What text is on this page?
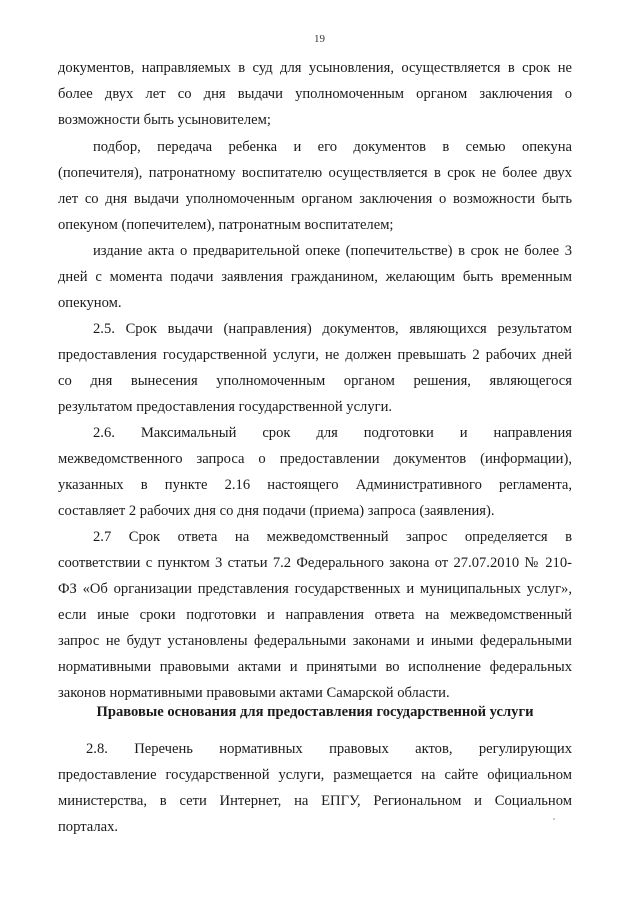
19
документов, направляемых в суд для усыновления, осуществляется в срок не
более двух лет со дня выдачи уполномоченным органом заключения о
возможности быть усыновителем;
подбор, передача ребенка и его документов в семью опекуна
(попечителя), патронатному воспитателю осуществляется в срок не более двух
лет со дня выдачи уполномоченным органом заключения о возможности быть
опекуном (попечителем), патронатным воспитателем;
издание акта о предварительной опеке (попечительстве) в срок не более 3
дней с момента подачи заявления гражданином, желающим быть временным
опекуном.
2.5. Срок выдачи (направления) документов, являющихся результатом
предоставления государственной услуги, не должен превышать 2 рабочих дней
со дня вынесения уполномоченным органом решения, являющегося
результатом предоставления государственной услуги.
2.6. Максимальный срок для подготовки и направления
межведомственного запроса о предоставлении документов (информации),
указанных в пункте 2.16 настоящего Административного регламента,
составляет 2 рабочих дня со дня подачи (приема) запроса (заявления).
2.7 Срок ответа на межведомственный запрос определяется в
соответствии с пунктом 3 статьи 7.2 Федерального закона от 27.07.2010 № 210-
ФЗ «Об организации представления государственных и муниципальных услуг»,
если иные сроки подготовки и направления ответа на межведомственный
запрос не будут установлены федеральными законами и иными федеральными
нормативными правовыми актами и принятыми во исполнение федеральных
законов нормативными правовыми актами Самарской области.
Правовые основания для предоставления государственной услуги
2.8. Перечень нормативных правовых актов, регулирующих
предоставление государственной услуги, размещается на сайте официальном
министерства, в сети Интернет, на ЕПГУ, Региональном и Социальном
порталах.
